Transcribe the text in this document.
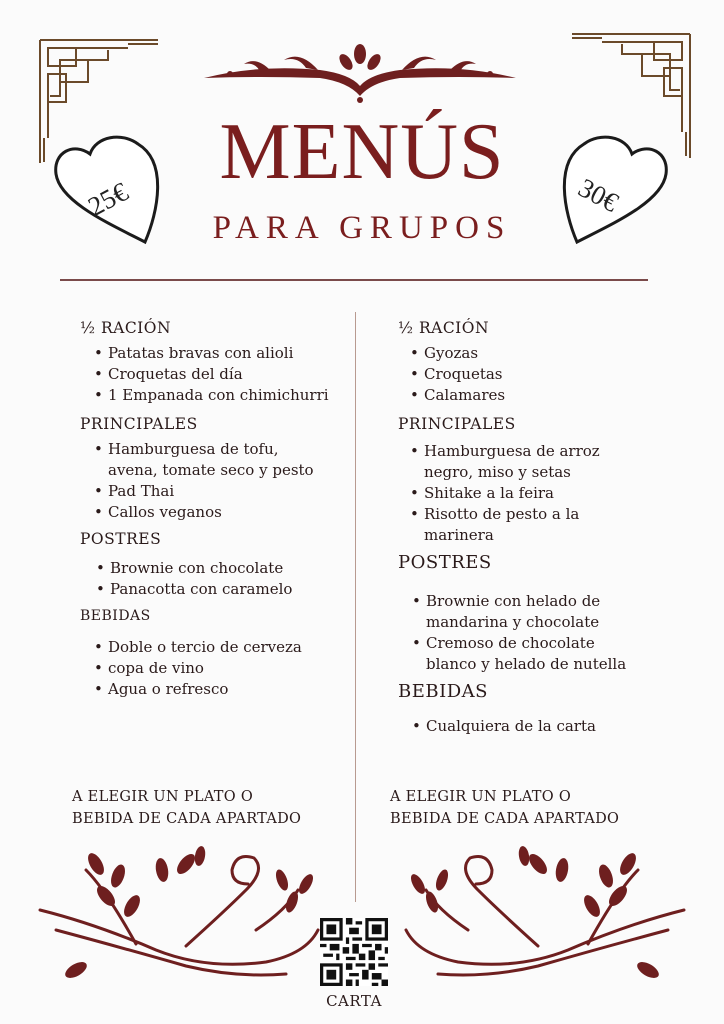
MENÚS
PARA GRUPOS
25€	30€
½ RACIÓN
• Patatas bravas con alioli
• Croquetas del día
• 1 Empanada con chimichurri
PRINCIPALES
• Hamburguesa de tofu, avena, tomate seco y pesto
• Pad Thai
• Callos veganos
POSTRES
• Brownie con chocolate
• Panacotta con caramelo
BEBIDAS
• Doble o tercio de cerveza
• copa de vino
• Agua o refresco
½ RACIÓN
• Gyozas
• Croquetas
• Calamares
PRINCIPALES
• Hamburguesa de arroz negro, miso y setas
• Shitake a la feira
• Risotto de pesto a la marinera
POSTRES
• Brownie con helado de mandarina y chocolate
• Cremoso de chocolate blanco y helado de nutella
BEBIDAS
• Cualquiera de la carta
A ELEGIR UN PLATO O BEBIDA DE CADA APARTADO
A ELEGIR UN PLATO O BEBIDA DE CADA APARTADO
CARTA
